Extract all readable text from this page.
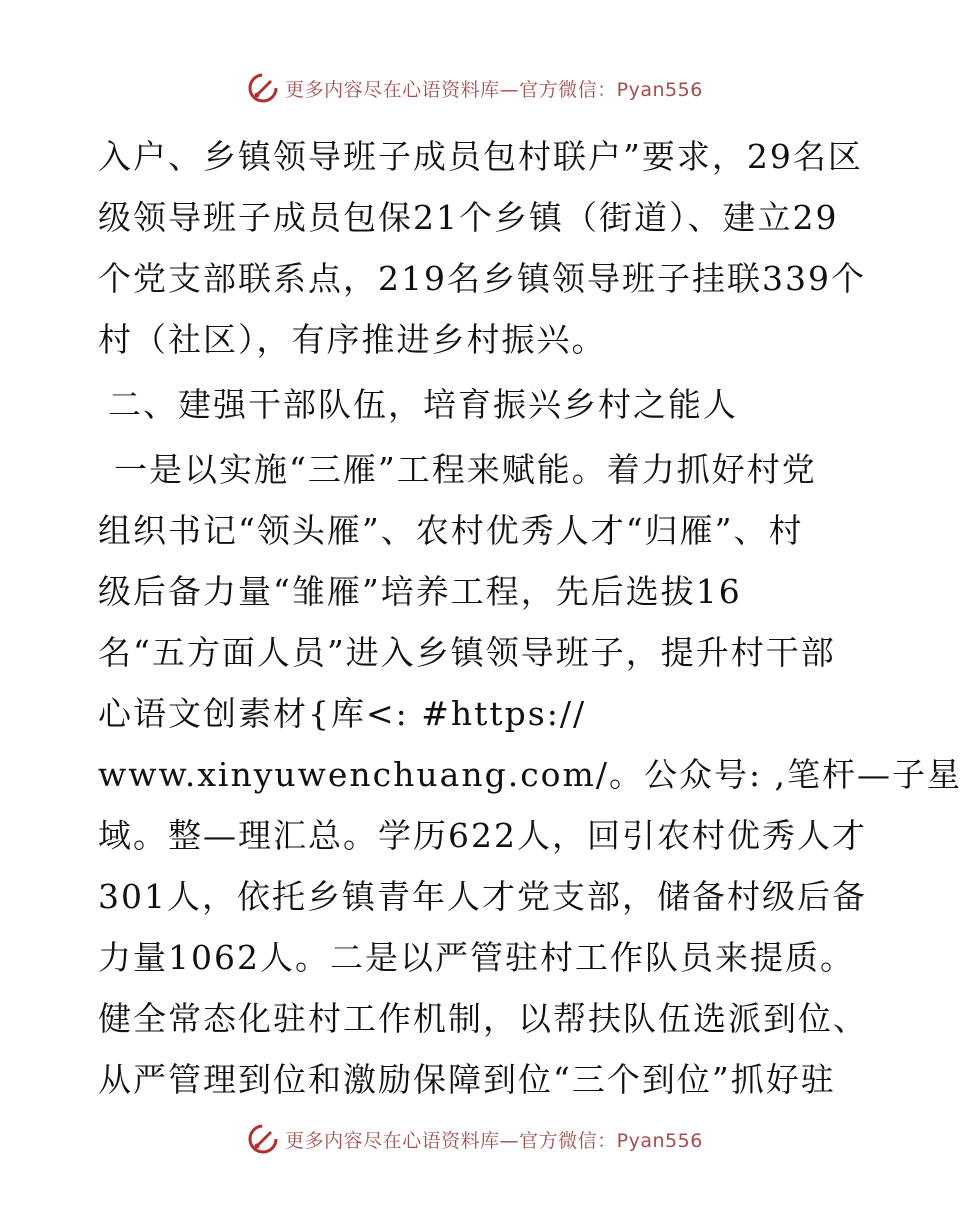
更多内容尽在心语资料库—官方微信：Pyan556
入户、乡镇领导班子成员包村联户”要求，29名区
级领导班子成员包保21个乡镇（街道）、建立29
个党支部联系点，219名乡镇领导班子挂联339个
村（社区），有序推进乡村振兴。
二、建强干部队伍，培育振兴乡村之能人
一是以实施“三雁”工程来赋能。着力抓好村党
组织书记“领头雁”、农村优秀人才“归雁”、村
级后备力量“雏雁”培养工程，先后选拔16
名“五方面人员”进入乡镇领导班子，提升村干部
心语文创素材{库<: #https://
www.xinyuwenchuang.com/。公众号: ,笔杆—子星
域。整—理汇总。学历622人，回引农村优秀人才
301人，依托乡镇青年人才党支部，储备村级后备
力量1062人。二是以严管驻村工作队员来提质。
健全常态化驻村工作机制，以帮扶队伍选派到位、
从严管理到位和激励保障到位“三个到位”抓好驻
更多内容尽在心语资料库—官方微信：Pyan556
